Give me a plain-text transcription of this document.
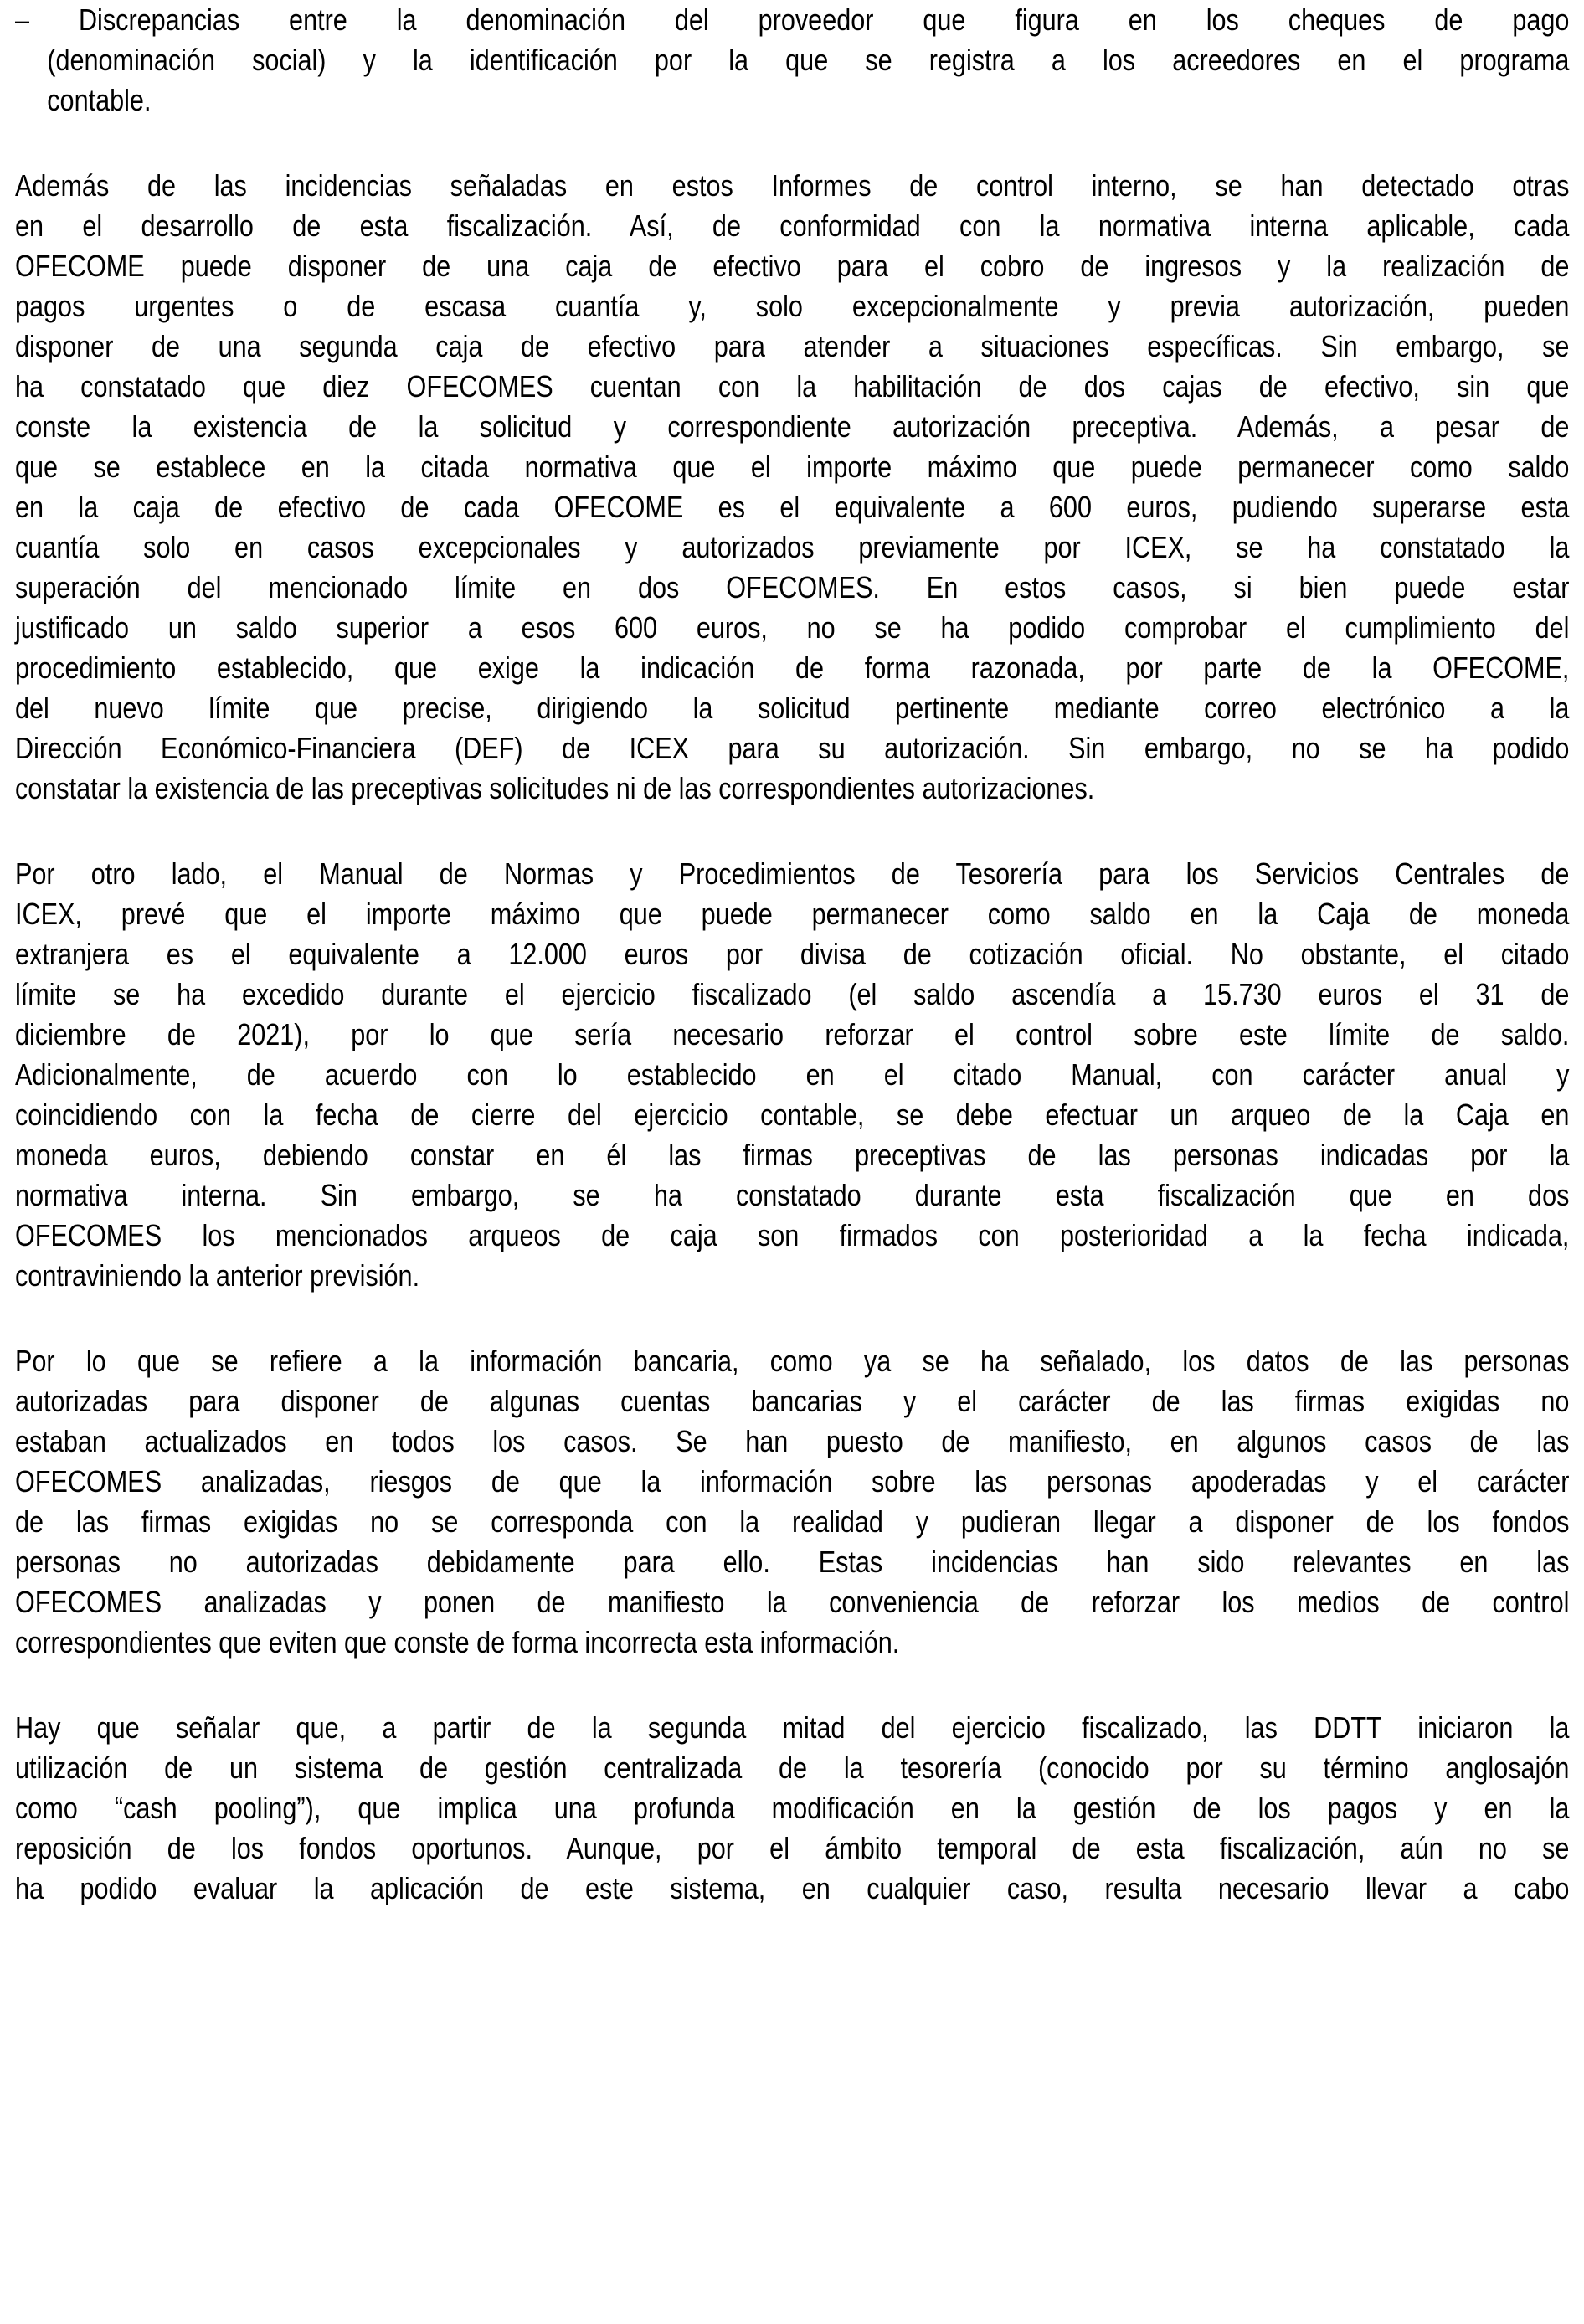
– Discrepancias entre la denominación del proveedor que figura en los cheques de pago
(denominación social) y la identificación por la que se registra a los acreedores en el programa
contable.
Además de las incidencias señaladas en estos Informes de control interno, se han detectado otras
en el desarrollo de esta fiscalización. Así, de conformidad con la normativa interna aplicable, cada
OFECOME puede disponer de una caja de efectivo para el cobro de ingresos y la realización de
pagos urgentes o de escasa cuantía y, solo excepcionalmente y previa autorización, pueden
disponer de una segunda caja de efectivo para atender a situaciones específicas. Sin embargo, se
ha constatado que diez OFECOMES cuentan con la habilitación de dos cajas de efectivo, sin que
conste la existencia de la solicitud y correspondiente autorización preceptiva. Además, a pesar de
que se establece en la citada normativa que el importe máximo que puede permanecer como saldo
en la caja de efectivo de cada OFECOME es el equivalente a 600 euros, pudiendo superarse esta
cuantía solo en casos excepcionales y autorizados previamente por ICEX, se ha constatado la
superación del mencionado límite en dos OFECOMES. En estos casos, si bien puede estar
justificado un saldo superior a esos 600 euros, no se ha podido comprobar el cumplimiento del
procedimiento establecido, que exige la indicación de forma razonada, por parte de la OFECOME,
del nuevo límite que precise, dirigiendo la solicitud pertinente mediante correo electrónico a la
Dirección Económico-Financiera (DEF) de ICEX para su autorización. Sin embargo, no se ha podido
constatar la existencia de las preceptivas solicitudes ni de las correspondientes autorizaciones.
Por otro lado, el Manual de Normas y Procedimientos de Tesorería para los Servicios Centrales de
ICEX, prevé que el importe máximo que puede permanecer como saldo en la Caja de moneda
extranjera es el equivalente a 12.000 euros por divisa de cotización oficial. No obstante, el citado
límite se ha excedido durante el ejercicio fiscalizado (el saldo ascendía a 15.730 euros el 31 de
diciembre de 2021), por lo que sería necesario reforzar el control sobre este límite de saldo.
Adicionalmente, de acuerdo con lo establecido en el citado Manual, con carácter anual y
coincidiendo con la fecha de cierre del ejercicio contable, se debe efectuar un arqueo de la Caja en
moneda euros, debiendo constar en él las firmas preceptivas de las personas indicadas por la
normativa interna. Sin embargo, se ha constatado durante esta fiscalización que en dos
OFECOMES los mencionados arqueos de caja son firmados con posterioridad a la fecha indicada,
contraviniendo la anterior previsión.
Por lo que se refiere a la información bancaria, como ya se ha señalado, los datos de las personas
autorizadas para disponer de algunas cuentas bancarias y el carácter de las firmas exigidas no
estaban actualizados en todos los casos. Se han puesto de manifiesto, en algunos casos de las
OFECOMES analizadas, riesgos de que la información sobre las personas apoderadas y el carácter
de las firmas exigidas no se corresponda con la realidad y pudieran llegar a disponer de los fondos
personas no autorizadas debidamente para ello. Estas incidencias han sido relevantes en las
OFECOMES analizadas y ponen de manifiesto la conveniencia de reforzar los medios de control
correspondientes que eviten que conste de forma incorrecta esta información.
Hay que señalar que, a partir de la segunda mitad del ejercicio fiscalizado, las DDTT iniciaron la
utilización de un sistema de gestión centralizada de la tesorería (conocido por su término anglosajón
como “cash pooling”), que implica una profunda modificación en la gestión de los pagos y en la
reposición de los fondos oportunos. Aunque, por el ámbito temporal de esta fiscalización, aún no se
ha podido evaluar la aplicación de este sistema, en cualquier caso, resulta necesario llevar a cabo
